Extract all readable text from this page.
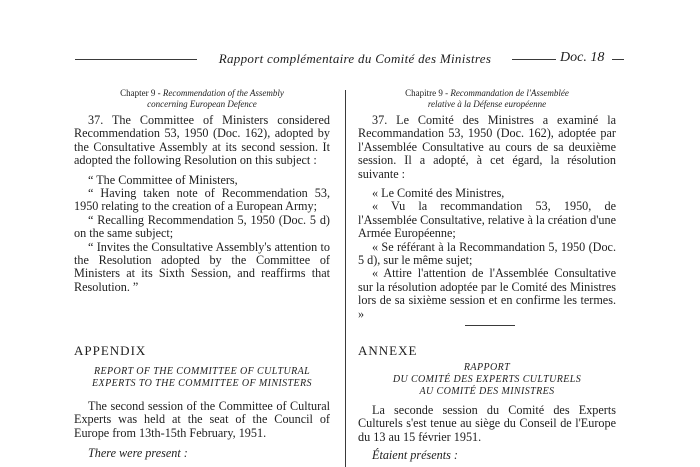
Rapport complémentaire du Comité des Ministres	Doc. 18
Chapter 9 - Recommendation of the Assembly
concerning European Defence

37. The Committee of Ministers considered Recommendation 53, 1950 (Doc. 162), adopted by the Consultative Assembly at its second session. It adopted the following Resolution on this subject :

“ The Committee of Ministers,

“ Having taken note of Recommendation 53, 1950 relating to the creation of a European Army;

“ Recalling Recommendation 5, 1950 (Doc. 5 d) on the same subject;

“ Invites the Consultative Assembly's attention to the Resolution adopted by the Committee of Ministers at its Sixth Session, and reaffirms that Resolution. ”

APPENDIX
REPORT OF THE COMMITTEE OF CULTURAL EXPERTS TO THE COMMITTEE OF MINISTERS

The second session of the Committee of Cultural Experts was held at the seat of the Council of Europe from 13th-15th February, 1951.

There were present :

Chapitre 9 - Recommandation de l'Assemblée
relative à la Défense européenne

37. Le Comité des Ministres a examiné la Recommandation 53, 1950 (Doc. 162), adoptée par l'Assemblée Consultative au cours de sa deuxième session. Il a adopté, à cet égard, la résolution suivante :

« Le Comité des Ministres,

« Vu la recommandation 53, 1950, de l'Assemblée Consultative, relative à la création d'une Armée Européenne;

« Se référant à la Recommandation 5, 1950 (Doc. 5 d), sur le même sujet;

« Attire l'attention de l'Assemblée Consultative sur la résolution adoptée par le Comité des Ministres lors de sa sixième session et en confirme les termes. »

ANNEXE
RAPPORT
DU COMITÉ DES EXPERTS CULTURELS
AU COMITÉ DES MINISTRES

La seconde session du Comité des Experts Culturels s'est tenue au siège du Conseil de l'Europe du 13 au 15 février 1951.

Étaient présents :
